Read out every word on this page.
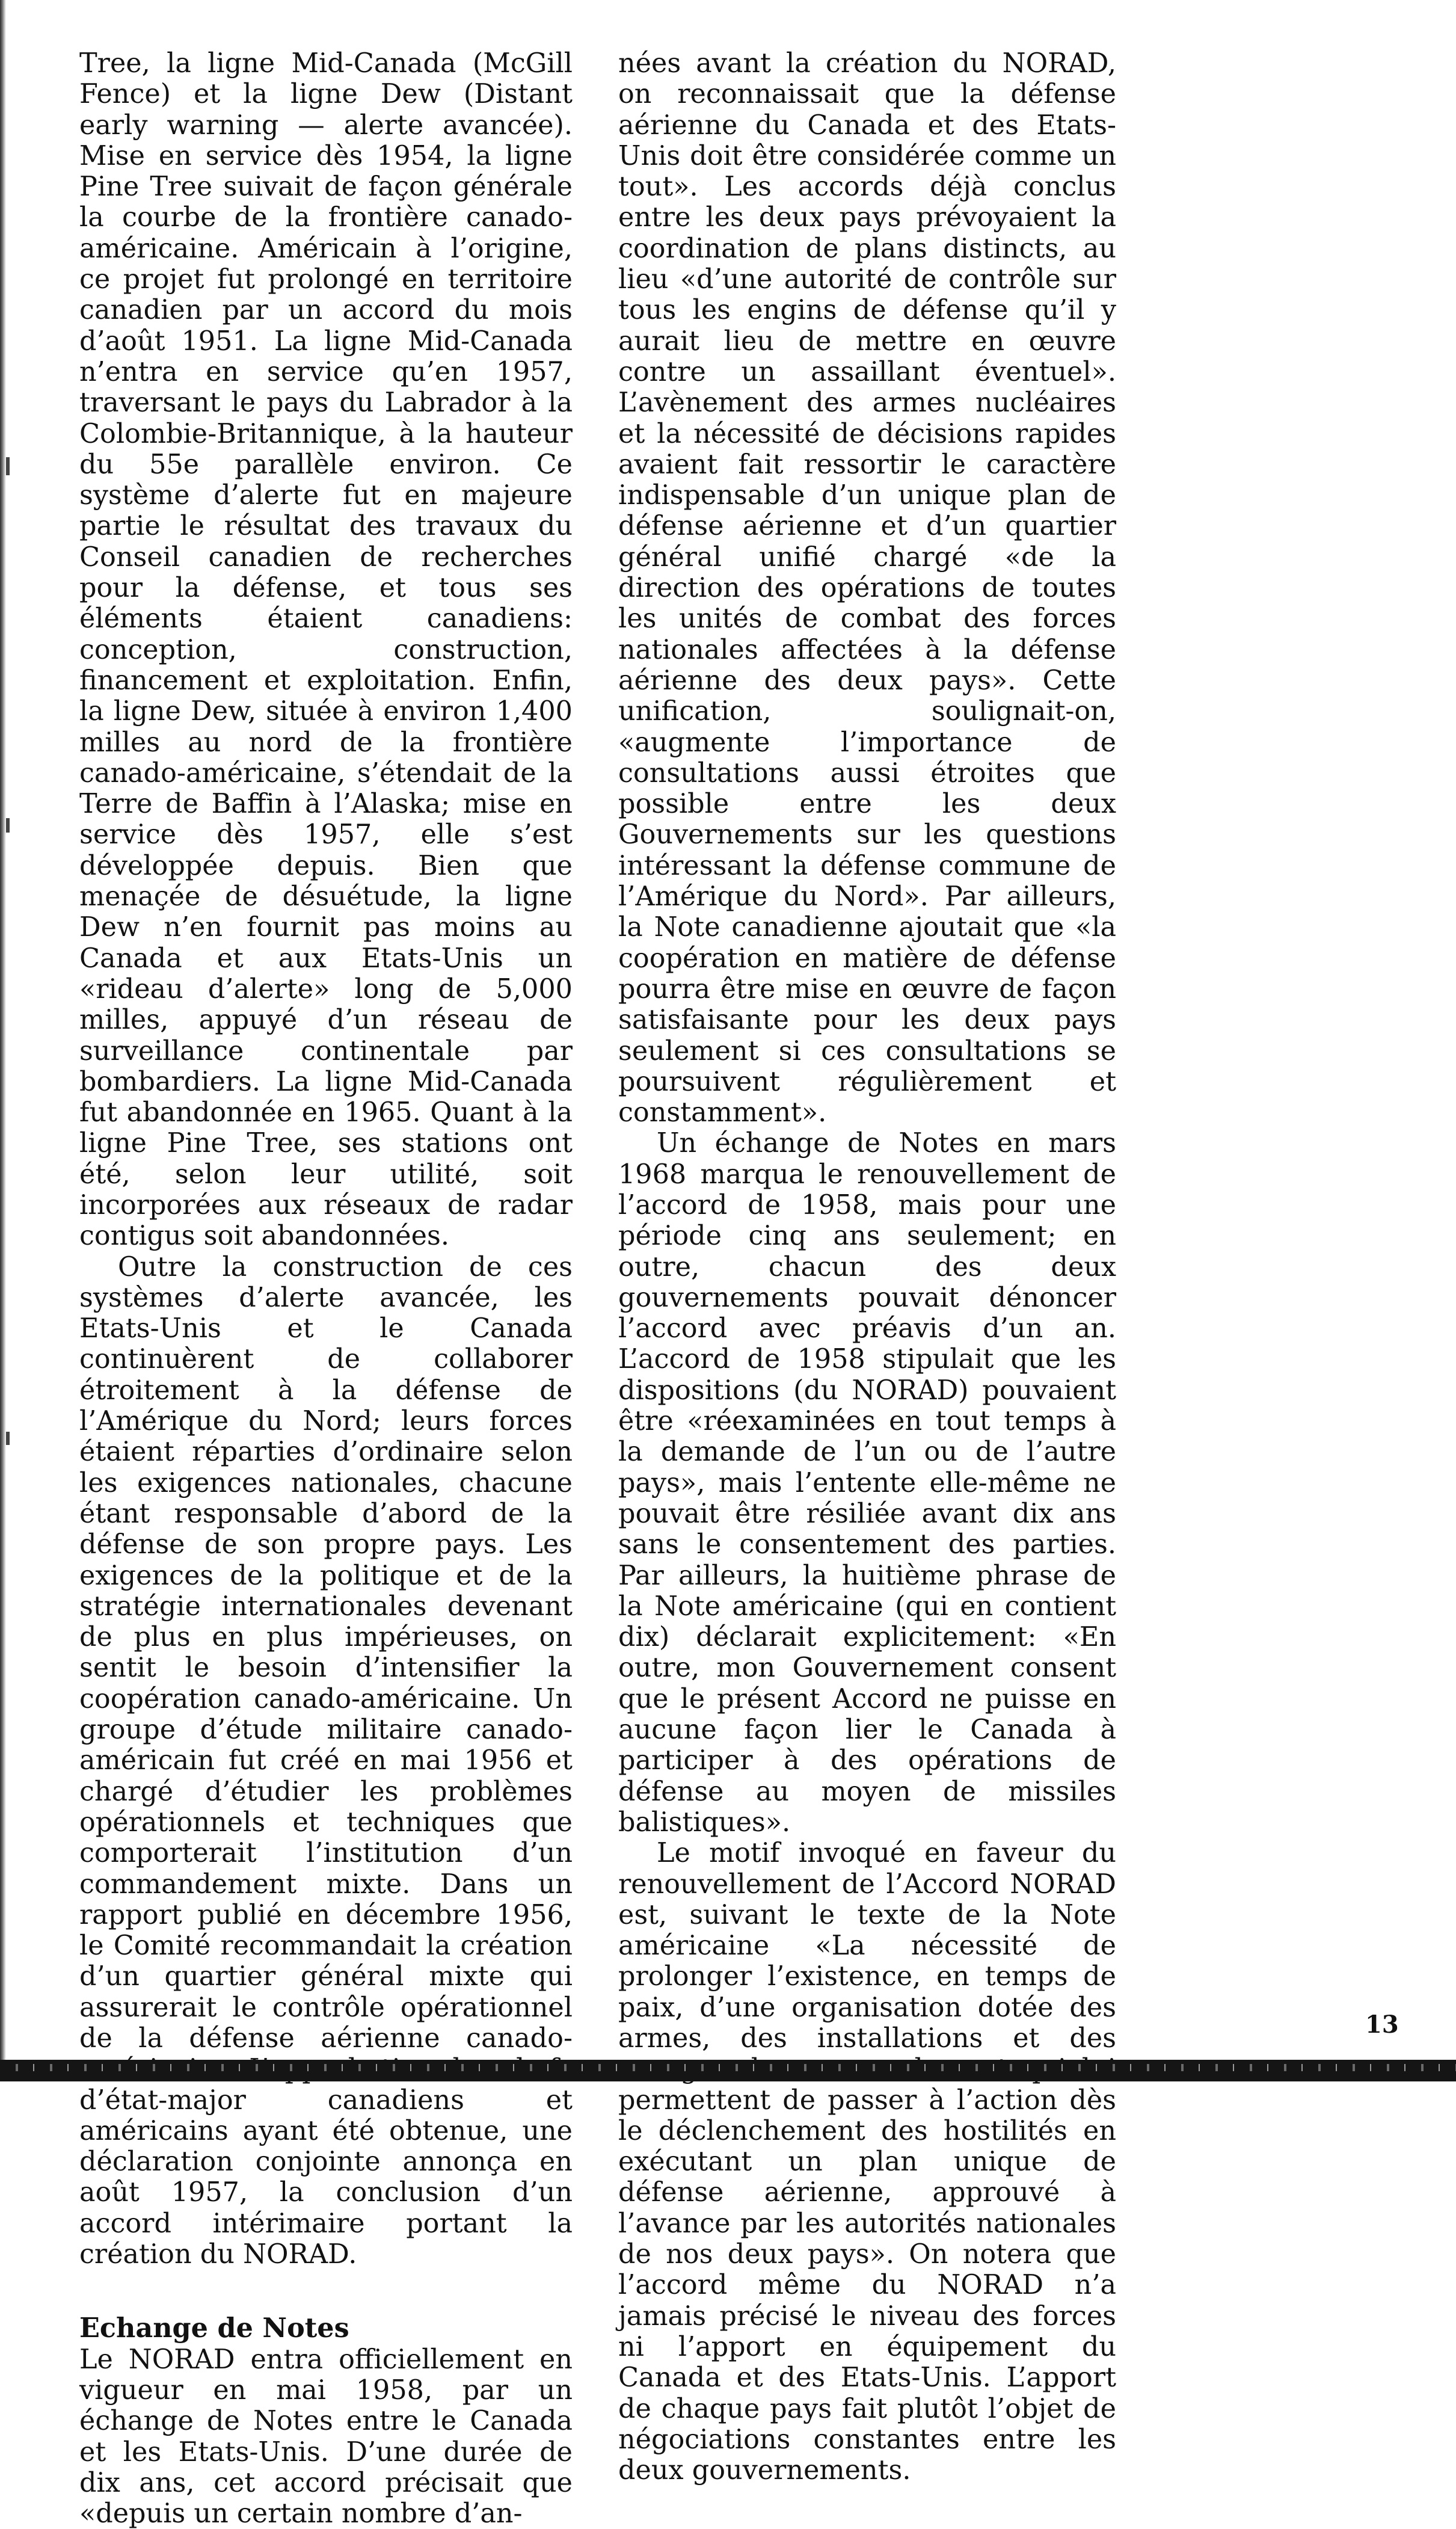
Tree, la ligne Mid-Canada (McGill Fence) et la ligne Dew (Distant early warning — alerte avancée). Mise en service dès 1954, la ligne Pine Tree suivait de façon générale la courbe de la frontière canado-américaine. Américain à l’origine, ce projet fut prolongé en territoire canadien par un accord du mois d’août 1951. La ligne Mid-Canada n’entra en service qu’en 1957, traversant le pays du Labrador à la Colombie-Britannique, à la hauteur du 55e parallèle environ. Ce système d’alerte fut en majeure partie le résultat des travaux du Conseil canadien de recherches pour la défense, et tous ses éléments étaient canadiens: conception, construction, financement et exploitation. Enfin, la ligne Dew, située à environ 1,400 milles au nord de la frontière canado-américaine, s’étendait de la Terre de Baffin à l’Alaska; mise en service dès 1957, elle s’est développée depuis. Bien que menaçée de désuétude, la ligne Dew n’en fournit pas moins au Canada et aux Etats-Unis un «rideau d’alerte» long de 5,000 milles, appuyé d’un réseau de surveillance continentale par bombardiers. La ligne Mid-Canada fut abandonnée en 1965. Quant à la ligne Pine Tree, ses stations ont été, selon leur utilité, soit incorporées aux réseaux de radar contigus soit abandonnées.

Outre la construction de ces systèmes d’alerte avancée, les Etats-Unis et le Canada continuèrent de collaborer étroitement à la défense de l’Amérique du Nord; leurs forces étaient réparties d’ordinaire selon les exigences nationales, chacune étant responsable d’abord de la défense de son propre pays. Les exigences de la politique et de la stratégie internationales devenant de plus en plus impérieuses, on sentit le besoin d’intensifier la coopération canado-américaine. Un groupe d’étude militaire canado-américain fut créé en mai 1956 et chargé d’étudier les problèmes opérationnels et techniques que comporterait l’institution d’un commandement mixte. Dans un rapport publié en décembre 1956, le Comité recommandait la création d’un quartier général mixte qui assurerait le contrôle opérationnel de la défense aérienne canado- d’état-major canadiens et américains ayant été obtenue, une déclaration conjointe annonça en août 1957, la conclusion d’un accord intérimaire portant la création du NORAD.

Echange de Notes

Le NORAD entra officiellement en vigueur en mai 1958, par un échange de Notes entre le Canada et les Etats-Unis. D’une durée de dix ans, cet accord précisait que «depuis un certain nombre d’an-

nées avant la création du NORAD, on reconnaissait que la défense aérienne du Canada et des Etats-Unis doit être considérée comme un tout». Les accords déjà conclus entre les deux pays prévoyaient la coordination de plans distincts, au lieu «d’une autorité de contrôle sur tous les engins de défense qu’il y aurait lieu de mettre en œuvre contre un assaillant éventuel». L’avènement des armes nucléaires et la nécessité de décisions rapides avaient fait ressortir le caractère indispensable d’un unique plan de défense aérienne et d’un quartier général unifié chargé «de la direction des opérations de toutes les unités de combat des forces nationales affectées à la défense aérienne des deux pays». Cette unification, soulignait-on, «augmente l’importance de consultations aussi étroites que possible entre les deux Gouvernements sur les questions intéressant la défense commune de l’Amérique du Nord». Par ailleurs, la Note canadienne ajoutait que «la coopération en matière de défense pourra être mise en œuvre de façon satisfaisante pour les deux pays seulement si ces consultations se poursuivent régulièrement et constamment».

Un échange de Notes en mars 1968 marqua le renouvellement de l’accord de 1958, mais pour une période cinq ans seulement; en outre, chacun des deux gouvernements pouvait dénoncer l’accord avec préavis d’un an. L’accord de 1958 stipulait que les dispositions (du NORAD) pouvaient être «réexaminées en tout temps à la demande de l’un ou de l’autre pays», mais l’entente elle-même ne pouvait être résiliée avant dix ans sans le consentement des parties. Par ailleurs, la huitième phrase de la Note américaine (qui en contient dix) déclarait explicitement: «En outre, mon Gouvernement consent que le présent Accord ne puisse en aucune façon lier le Canada à participer à des opérations de défense au moyen de missiles balistiques».

Le motif invoqué en faveur du renouvellement de l’Accord NORAD est, suivant le texte de la Note américaine «La nécessité de prolonger l’existence, en temps de paix, d’une organisation dotée des armes, des installations et des permettent de passer à l’action dès le déclenchement des hostilités en exécutant un plan unique de défense aérienne, approuvé à l’avance par les autorités nationales de nos deux pays». On notera que l’accord même du NORAD n’a jamais précisé le niveau des forces ni l’apport en équipement du Canada et des Etats-Unis. L’apport de chaque pays fait plutôt l’objet de négociations constantes entre les deux gouvernements.

13
